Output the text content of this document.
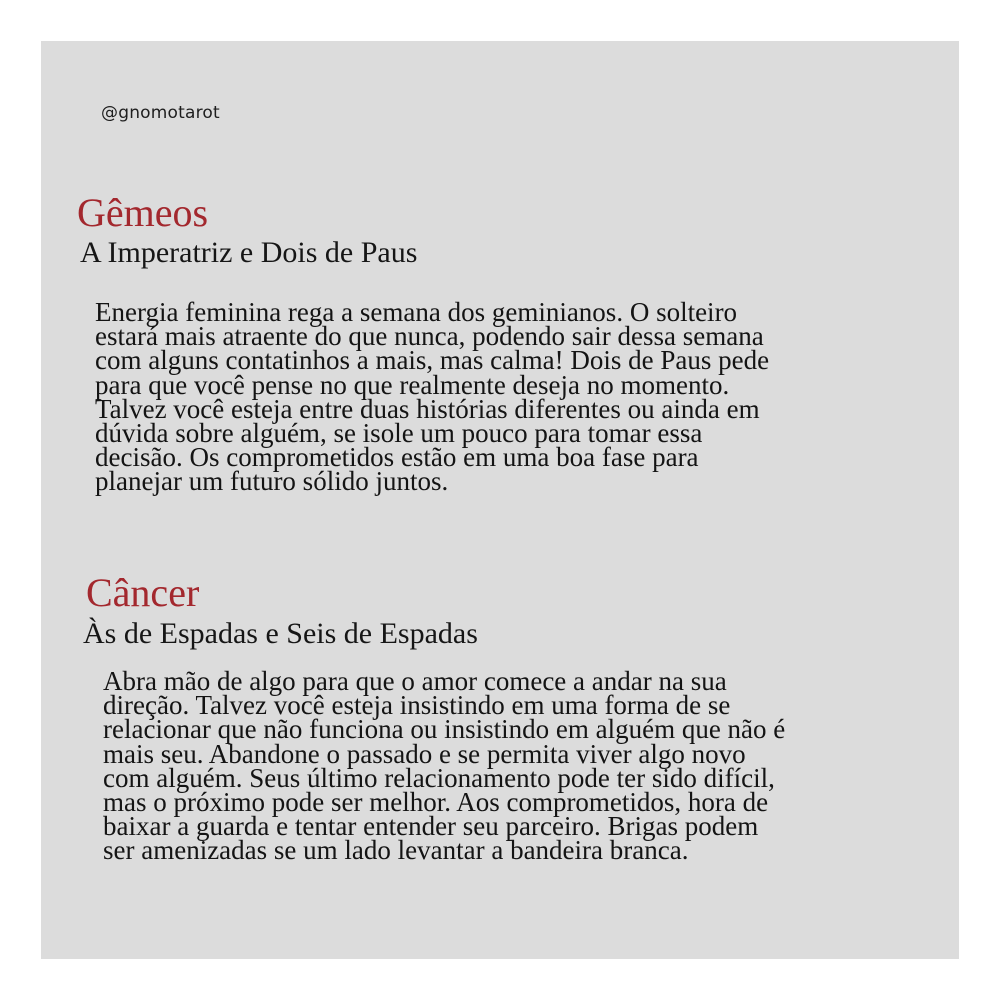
@gnomotarot
Gêmeos
A Imperatriz e Dois de Paus
Energia feminina rega a semana dos geminianos. O solteiro
estará mais atraente do que nunca, podendo sair dessa semana
com alguns contatinhos a mais, mas calma! Dois de Paus pede
para que você pense no que realmente deseja no momento.
Talvez você esteja entre duas histórias diferentes ou ainda em
dúvida sobre alguém, se isole um pouco para tomar essa
decisão. Os comprometidos estão em uma boa fase para
planejar um futuro sólido juntos.
Câncer
Às de Espadas e Seis de Espadas
Abra mão de algo para que o amor comece a andar na sua
direção. Talvez você esteja insistindo em uma forma de se
relacionar que não funciona ou insistindo em alguém que não é
mais seu. Abandone o passado e se permita viver algo novo
com alguém. Seus último relacionamento pode ter sido difícil,
mas o próximo pode ser melhor. Aos comprometidos, hora de
baixar a guarda e tentar entender seu parceiro. Brigas podem
ser amenizadas se um lado levantar a bandeira branca.
